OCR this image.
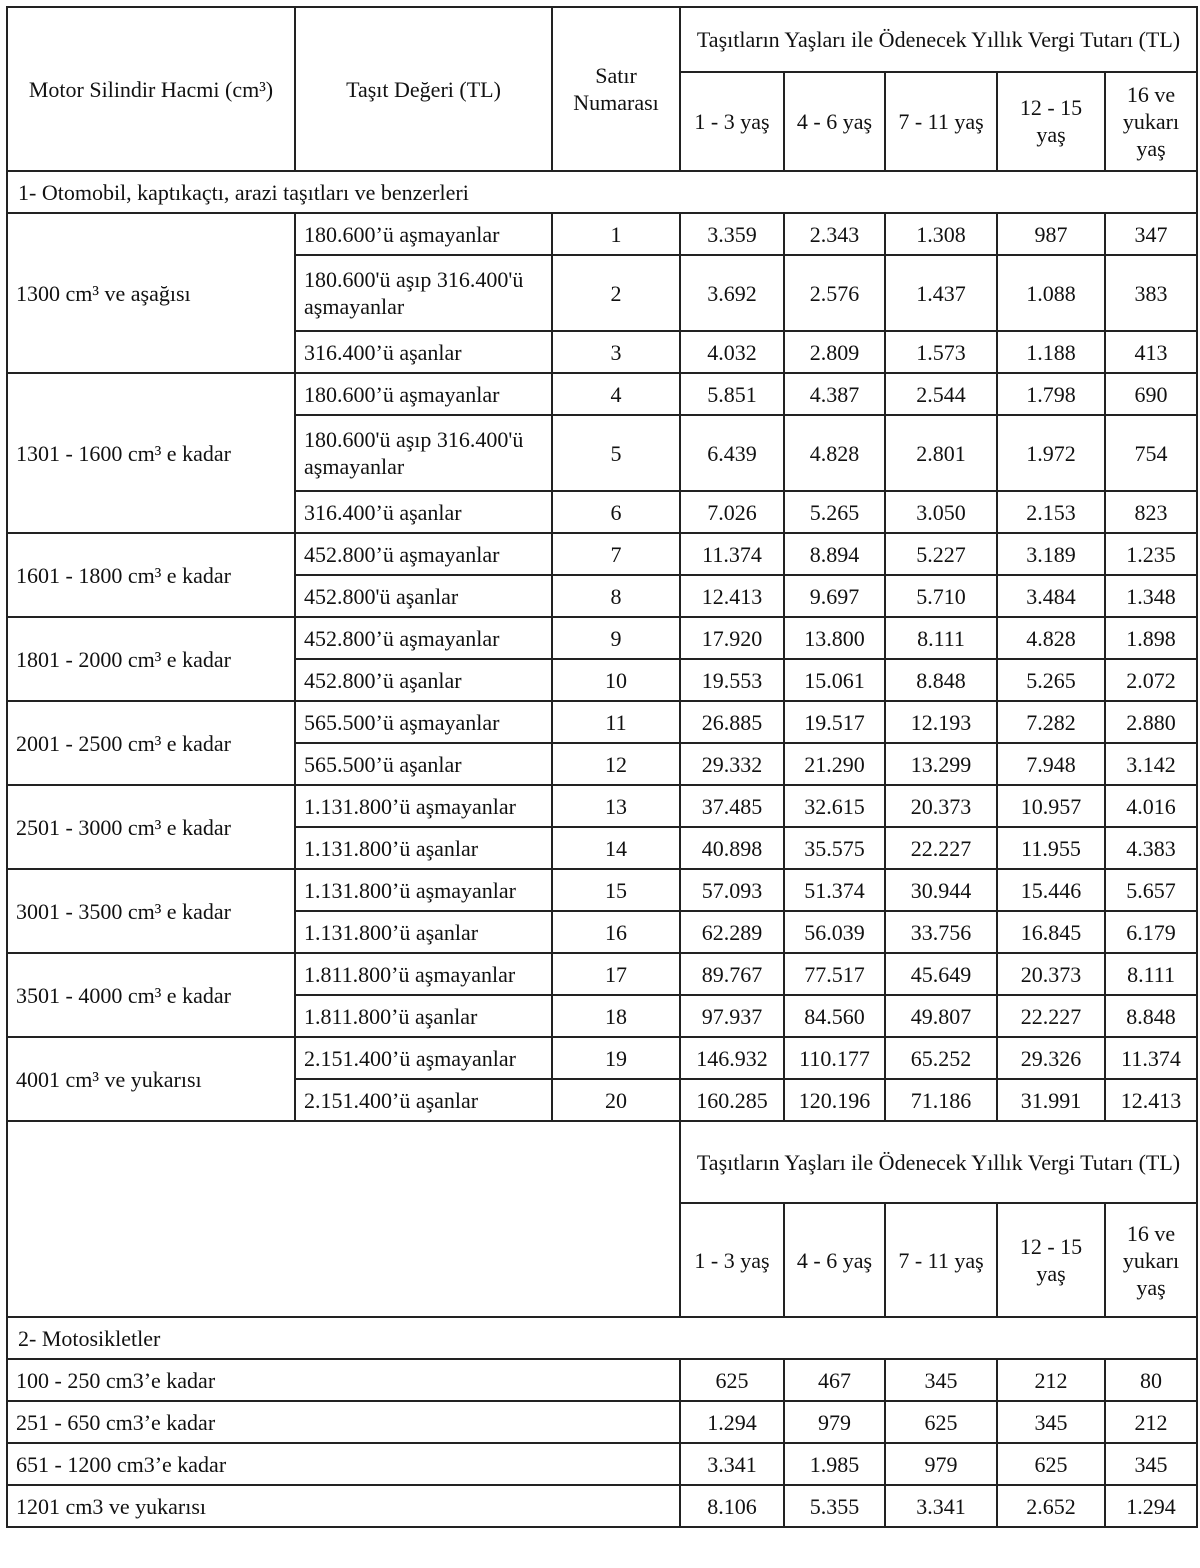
Motor Silindir Hacmi (cm³)	Taşıt Değeri (TL)	Satır Numarası	Taşıtların Yaşları ile Ödenecek Yıllık Vergi Tutarı (TL)				
			1 - 3 yaş	4 - 6 yaş	7 - 11 yaş	12 - 15 yaş	16 ve yukarı yaş
1- Otomobil, kaptıkaçtı, arazi taşıtları ve benzerleri							
1300 cm³ ve aşağısı	180.600’ü aşmayanlar	1	3.359	2.343	1.308	987	347
	180.600'ü aşıp 316.400'ü aşmayanlar	2	3.692	2.576	1.437	1.088	383
	316.400’ü aşanlar	3	4.032	2.809	1.573	1.188	413
1301 - 1600 cm³ e kadar	180.600’ü aşmayanlar	4	5.851	4.387	2.544	1.798	690
	180.600'ü aşıp 316.400'ü aşmayanlar	5	6.439	4.828	2.801	1.972	754
	316.400’ü aşanlar	6	7.026	5.265	3.050	2.153	823
1601 - 1800 cm³ e kadar	452.800’ü aşmayanlar	7	11.374	8.894	5.227	3.189	1.235
	452.800'ü aşanlar	8	12.413	9.697	5.710	3.484	1.348
1801 - 2000 cm³ e kadar	452.800’ü aşmayanlar	9	17.920	13.800	8.111	4.828	1.898
	452.800’ü aşanlar	10	19.553	15.061	8.848	5.265	2.072
2001 - 2500 cm³ e kadar	565.500’ü aşmayanlar	11	26.885	19.517	12.193	7.282	2.880
	565.500’ü aşanlar	12	29.332	21.290	13.299	7.948	3.142
2501 - 3000 cm³ e kadar	1.131.800’ü aşmayanlar	13	37.485	32.615	20.373	10.957	4.016
	1.131.800’ü aşanlar	14	40.898	35.575	22.227	11.955	4.383
3001 - 3500 cm³ e kadar	1.131.800’ü aşmayanlar	15	57.093	51.374	30.944	15.446	5.657
	1.131.800’ü aşanlar	16	62.289	56.039	33.756	16.845	6.179
3501 - 4000 cm³ e kadar	1.811.800’ü aşmayanlar	17	89.767	77.517	45.649	20.373	8.111
	1.811.800’ü aşanlar	18	97.937	84.560	49.807	22.227	8.848
4001 cm³ ve yukarısı	2.151.400’ü aşmayanlar	19	146.932	110.177	65.252	29.326	11.374
	2.151.400’ü aşanlar	20	160.285	120.196	71.186	31.991	12.413
			Taşıtların Yaşları ile Ödenecek Yıllık Vergi Tutarı (TL)				
			1 - 3 yaş	4 - 6 yaş	7 - 11 yaş	12 - 15 yaş	16 ve yukarı yaş
2- Motosikletler							
100 - 250 cm3’e kadar			625	467	345	212	80
251 - 650 cm3’e kadar			1.294	979	625	345	212
651 - 1200 cm3’e kadar			3.341	1.985	979	625	345
1201 cm3 ve yukarısı			8.106	5.355	3.341	2.652	1.294
